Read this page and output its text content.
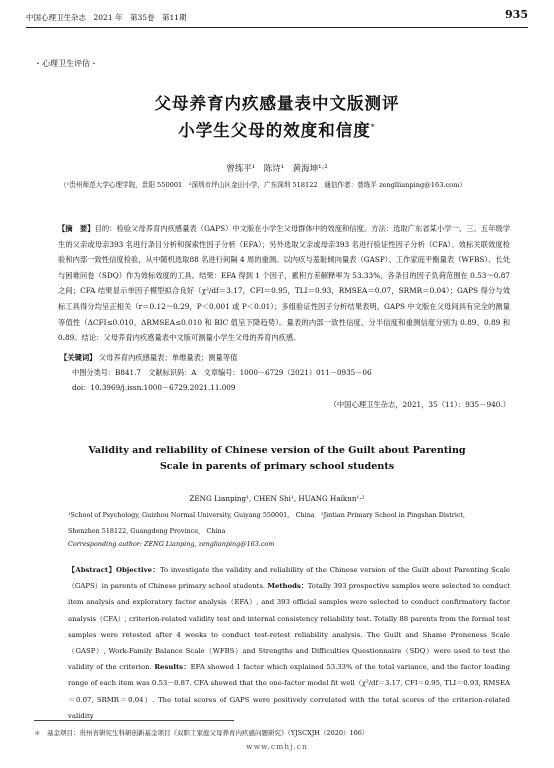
中国心理卫生杂志　2021 年　第35卷　第11期	935
・心理卫生评估・
父母养育内疚感量表中文版测评
小学生父母的效度和信度*
曾练平¹　陈诗¹　黄海坤¹·²
（¹贵州师范大学心理学院，贵阳 550001　²深圳市坪山区金田小学，广东深圳 518122　通信作者：曾练平 zengllianping@163.com）
【摘　要】目的：检验父母养育内疚感量表（GAPS）中文版在小学生父母群体中的效度和信度。方法：选取广东省某小学一、三、五年级学生的父亲或母亲393 名进行条目分析和探索性因子分析（EFA）；另外选取父亲或母亲393 名进行验证性因子分析（CFA）、效标关联效度检验和内部一致性信度检验，从中随机选取88 名进行间隔 4 周的重测。以内疚与羞耻倾向量表（GASP）、工作家庭平衡量表（WFBS）、长处与困难问卷（SDQ）作为效标效度的工具。结果：EFA 得到 1 个因子，累积方差解释率为 53.33%，各条目的因子负荷范围在 0.53～0.87 之间；CFA 结果显示单因子模型拟合良好（χ²/df＝3.17，CFI＝0.95，TLI＝0.93，RMSEA＝0.07，SRMR＝0.04）；GAPS 得分与效标工具得分均呈正相关（r＝0.12～0.29，P＜0.001 或 P＜0.01）；多组验证性因子分析结果表明，GAPS 中文版在父母间具有完全的测量等值性（ΔCFI≤0.010、ΔRMSEA≤0.010 和 BIC 值呈下降趋势）。量表的内部一致性信度、分半信度和重测信度分别为 0.89、0.89 和 0.89。结论：父母养育内疚感量表中文版可测量小学生父母的养育内疚感。
【关键词】 父母养育内疚感量表；单维量表；测量等值
中图分类号：B841.7　文献标识码：A　文章编号：1000－6729（2021）011－0935－06
doi：10.3969/j.issn.1000－6729.2021.11.009
（中国心理卫生杂志，2021，35（11）：935－940.）
Validity and reliability of Chinese version of the Guilt about Parenting
Scale in parents of primary school students
ZENG Lianping¹, CHEN Shi¹, HUANG Haikun¹·²
¹School of Psychology, Guizhou Normal University, Guiyang 550001,　China　²Jintian Primary School in Pingshan District,
Shenzhen 518122, Guangdong Province,　China
Corresponding author: ZENG Lianping, zenglianping@163.com
【Abstract】Objective：To investigate the validity and reliability of the Chinese version of the Guilt about Parenting Scale（GAPS）in parents of Chinese primary school students. Methods：Totally 393 prospective samples were selected to conduct item analysis and exploratory factor analysis（EFA）, and 393 official samples were selected to conduct confirmatory factor analysis（CFA）, criterion-related validity test and internal consistency reliability test. Totally 88 parents from the formal test samples were retested after 4 weeks to conduct test-retest reliability analysis. The Guilt and Shame Proneness Scale（GASP）, Work-Family Balance Scale（WFBS）and Strengths and Difficulties Questionnaire（SDQ）were used to test the validity of the criterion. Results：EFA showed 1 factor which explained 53.33% of the total variance, and the factor loading range of each item was 0.53－0.87. CFA showed that the one-factor model fit well（χ²/df＝3.17, CFI＝0.95, TLI＝0.93, RMSEA＝0.07, SRMR＝0.04）. The total scores of GAPS were positively correlated with the total scores of the criterion-related validity
＊　基金项目：贵州省研究生科研创新基金项目《双职工家庭父母养育内疚感问题研究》（YJSCXJH（2020）106）
www.cmhj.cn
